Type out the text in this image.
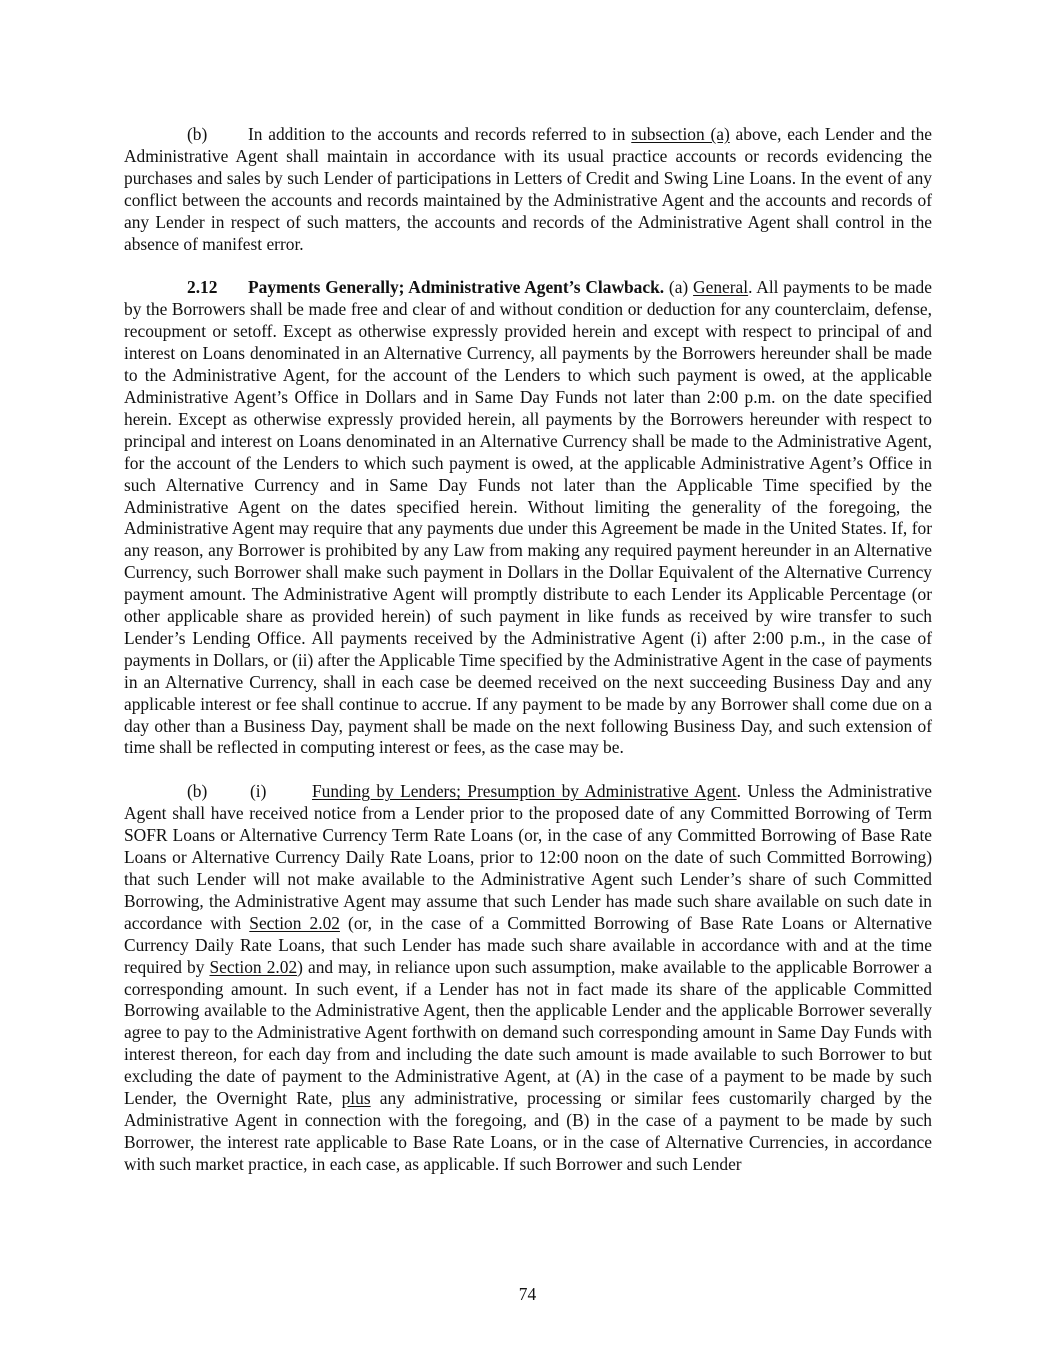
(b) In addition to the accounts and records referred to in subsection (a) above, each Lender and the Administrative Agent shall maintain in accordance with its usual practice accounts or records evidencing the purchases and sales by such Lender of participations in Letters of Credit and Swing Line Loans. In the event of any conflict between the accounts and records maintained by the Administrative Agent and the accounts and records of any Lender in respect of such matters, the accounts and records of the Administrative Agent shall control in the absence of manifest error.

2.12 Payments Generally; Administrative Agent’s Clawback. (a) General. All payments to be made by the Borrowers shall be made free and clear of and without condition or deduction for any counterclaim, defense, recoupment or setoff. Except as otherwise expressly provided herein and except with respect to principal of and interest on Loans denominated in an Alternative Currency, all payments by the Borrowers hereunder shall be made to the Administrative Agent, for the account of the Lenders to which such payment is owed, at the applicable Administrative Agent’s Office in Dollars and in Same Day Funds not later than 2:00 p.m. on the date specified herein. Except as otherwise expressly provided herein, all payments by the Borrowers hereunder with respect to principal and interest on Loans denominated in an Alternative Currency shall be made to the Administrative Agent, for the account of the Lenders to which such payment is owed, at the applicable Administrative Agent’s Office in such Alternative Currency and in Same Day Funds not later than the Applicable Time specified by the Administrative Agent on the dates specified herein. Without limiting the generality of the foregoing, the Administrative Agent may require that any payments due under this Agreement be made in the United States. If, for any reason, any Borrower is prohibited by any Law from making any required payment hereunder in an Alternative Currency, such Borrower shall make such payment in Dollars in the Dollar Equivalent of the Alternative Currency payment amount. The Administrative Agent will promptly distribute to each Lender its Applicable Percentage (or other applicable share as provided herein) of such payment in like funds as received by wire transfer to such Lender’s Lending Office. All payments received by the Administrative Agent (i) after 2:00 p.m., in the case of payments in Dollars, or (ii) after the Applicable Time specified by the Administrative Agent in the case of payments in an Alternative Currency, shall in each case be deemed received on the next succeeding Business Day and any applicable interest or fee shall continue to accrue. If any payment to be made by any Borrower shall come due on a day other than a Business Day, payment shall be made on the next following Business Day, and such extension of time shall be reflected in computing interest or fees, as the case may be.

(b) (i)	Funding by Lenders; Presumption by Administrative Agent. Unless the Administrative Agent shall have received notice from a Lender prior to the proposed date of any Committed Borrowing of Term SOFR Loans or Alternative Currency Term Rate Loans (or, in the case of any Committed Borrowing of Base Rate Loans or Alternative Currency Daily Rate Loans, prior to 12:00 noon on the date of such Committed Borrowing) that such Lender will not make available to the Administrative Agent such Lender’s share of such Committed Borrowing, the Administrative Agent may assume that such Lender has made such share available on such date in accordance with Section 2.02 (or, in the case of a Committed Borrowing of Base Rate Loans or Alternative Currency Daily Rate Loans, that such Lender has made such share available in accordance with and at the time required by Section 2.02) and may, in reliance upon such assumption, make available to the applicable Borrower a corresponding amount. In such event, if a Lender has not in fact made its share of the applicable Committed Borrowing available to the Administrative Agent, then the applicable Lender and the applicable Borrower severally agree to pay to the Administrative Agent forthwith on demand such corresponding amount in Same Day Funds with interest thereon, for each day from and including the date such amount is made available to such Borrower to but excluding the date of payment to the Administrative Agent, at (A) in the case of a payment to be made by such Lender, the Overnight Rate, plus any administrative, processing or similar fees customarily charged by the Administrative Agent in connection with the foregoing, and (B) in the case of a payment to be made by such Borrower, the interest rate applicable to Base Rate Loans, or in the case of Alternative Currencies, in accordance with such market practice, in each case, as applicable. If such Borrower and such Lender

74
